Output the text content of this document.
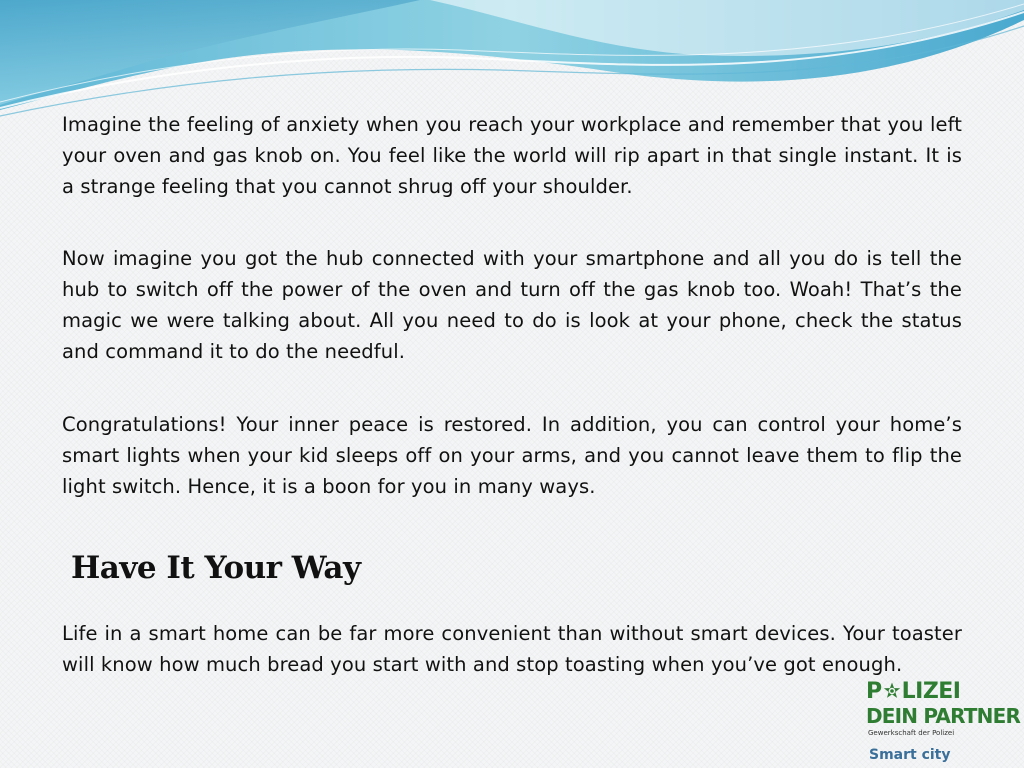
Imagine the feeling of anxiety when you reach your workplace and remember that you left your oven and gas knob on. You feel like the world will rip apart in that single instant. It is a strange feeling that you cannot shrug off your shoulder.

Now imagine you got the hub connected with your smartphone and all you do is tell the hub to switch off the power of the oven and turn off the gas knob too. Woah! That’s the magic we were talking about. All you need to do is look at your phone, check the status and command it to do the needful.

Congratulations! Your inner peace is restored. In addition, you can control your home’s smart lights when your kid sleeps off on your arms, and you cannot leave them to flip the light switch. Hence, it is a boon for you in many ways.

Have It Your Way

Life in a smart home can be far more convenient than without smart devices. Your toaster will know how much bread you start with and stop toasting when you’ve got enough.

P LIZEI
DEIN PARTNER
Gewerkschaft der Polizei
Smart city
